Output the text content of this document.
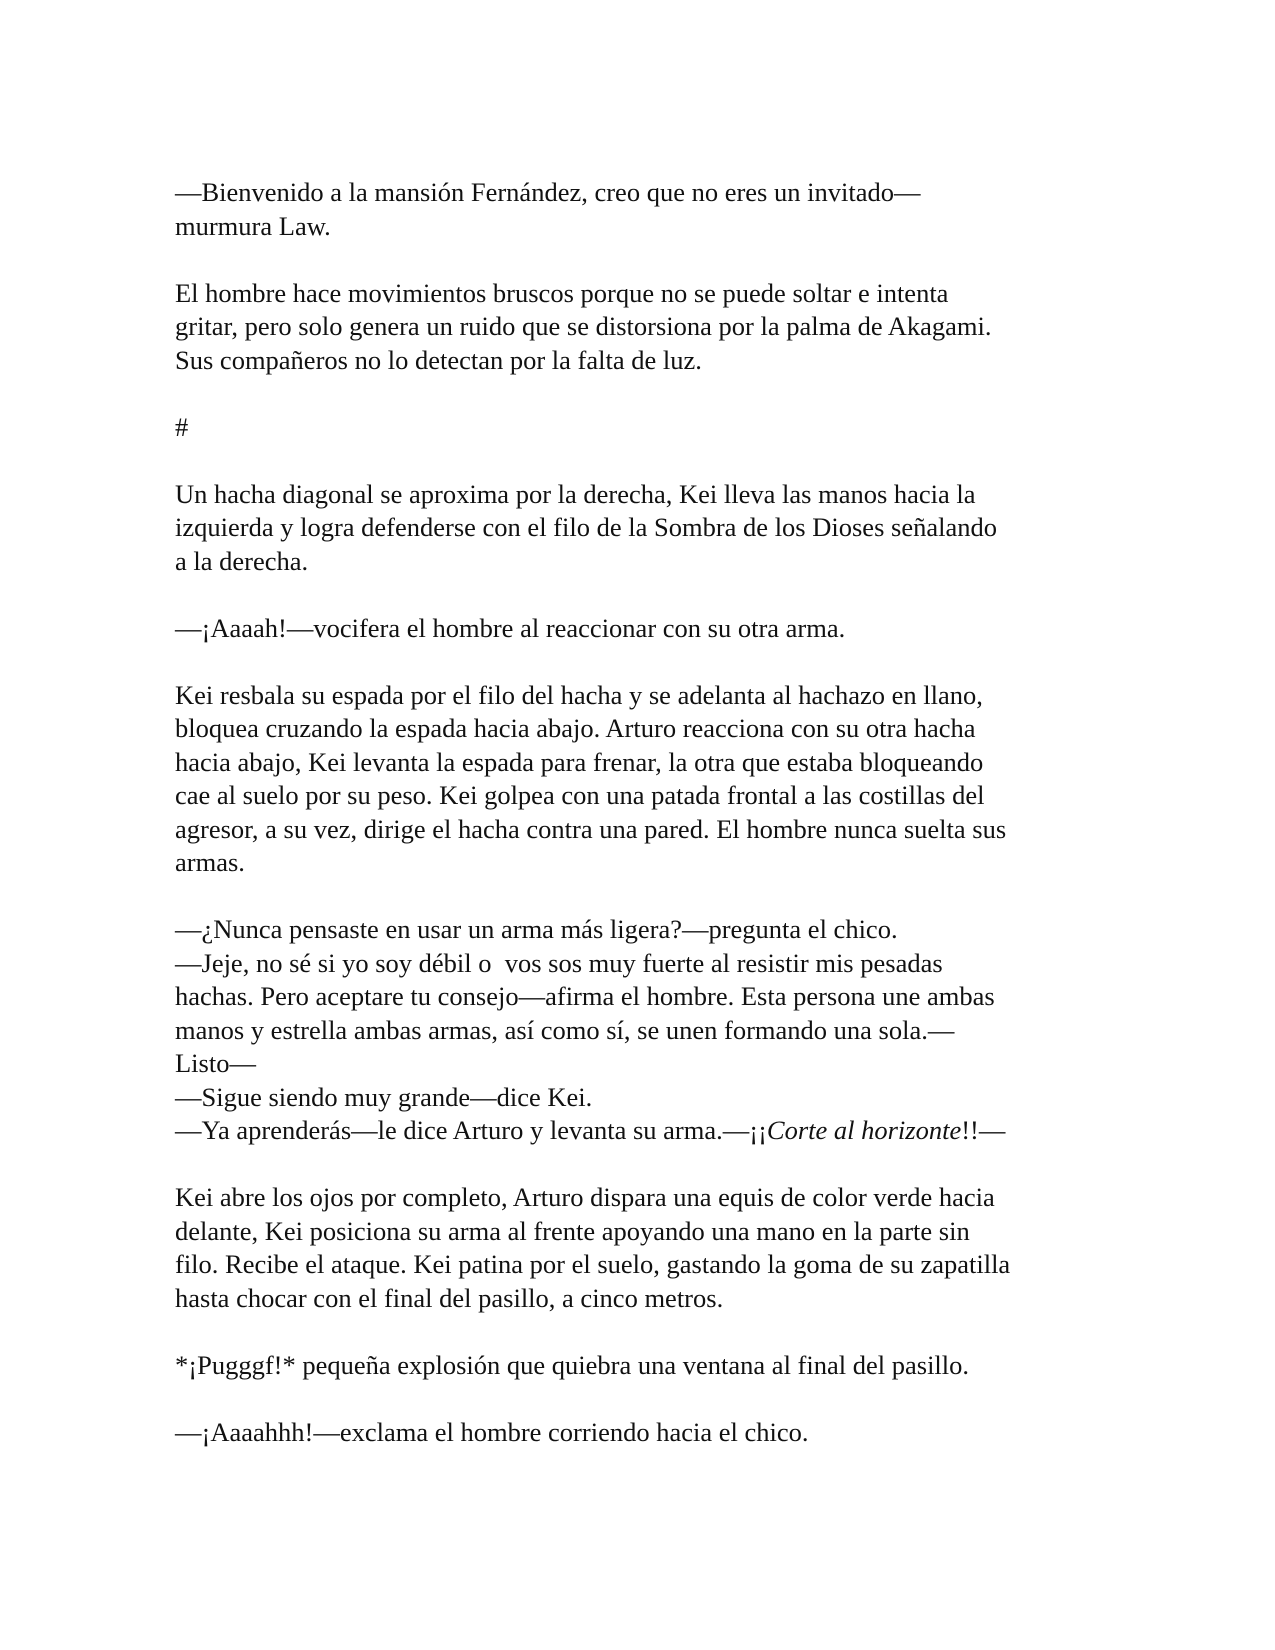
—Bienvenido a la mansión Fernández, creo que no eres un invitado—
murmura Law.
El hombre hace movimientos bruscos porque no se puede soltar e intenta
gritar, pero solo genera un ruido que se distorsiona por la palma de Akagami.
Sus compañeros no lo detectan por la falta de luz.
#
Un hacha diagonal se aproxima por la derecha, Kei lleva las manos hacia la
izquierda y logra defenderse con el filo de la Sombra de los Dioses señalando
a la derecha.
—¡Aaaah!—vocifera el hombre al reaccionar con su otra arma.
Kei resbala su espada por el filo del hacha y se adelanta al hachazo en llano,
bloquea cruzando la espada hacia abajo. Arturo reacciona con su otra hacha
hacia abajo, Kei levanta la espada para frenar, la otra que estaba bloqueando
cae al suelo por su peso. Kei golpea con una patada frontal a las costillas del
agresor, a su vez, dirige el hacha contra una pared. El hombre nunca suelta sus
armas.
—¿Nunca pensaste en usar un arma más ligera?—pregunta el chico.
—Jeje, no sé si yo soy débil o  vos sos muy fuerte al resistir mis pesadas
hachas. Pero aceptare tu consejo—afirma el hombre. Esta persona une ambas
manos y estrella ambas armas, así como sí, se unen formando una sola.—
Listo—
—Sigue siendo muy grande—dice Kei.
—Ya aprenderás—le dice Arturo y levanta su arma.—¡¡Corte al horizonte!!—
Kei abre los ojos por completo, Arturo dispara una equis de color verde hacia
delante, Kei posiciona su arma al frente apoyando una mano en la parte sin
filo. Recibe el ataque. Kei patina por el suelo, gastando la goma de su zapatilla
hasta chocar con el final del pasillo, a cinco metros.
*¡Pugggf!* pequeña explosión que quiebra una ventana al final del pasillo.
—¡Aaaahhh!—exclama el hombre corriendo hacia el chico.
